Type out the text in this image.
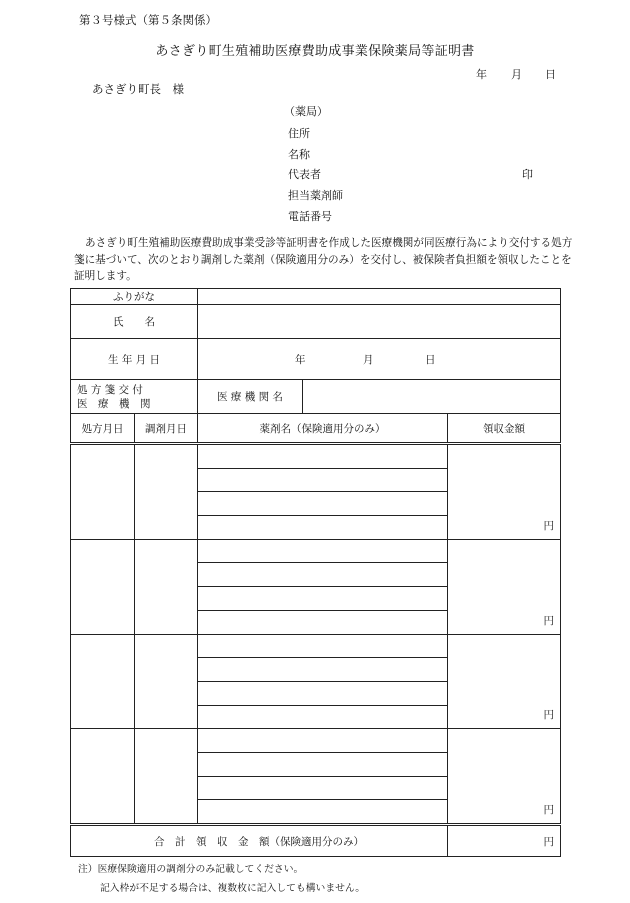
第３号様式（第５条関係）
あさぎり町生殖補助医療費助成事業保険薬局等証明書
年 月 日
あさぎり町長　様
（薬局）
住所
名称
代表者	印
担当薬剤師
電話番号
あさぎり町生殖補助医療費助成事業受診等証明書を作成した医療機関が同医療行為により交付する処方箋に基づいて、次のとおり調剤した薬剤（保険適用分のみ）を交付し、被保険者負担額を領収したことを証明します。
ふりがな				
氏　　名				
生 年 月 日		年 月 日		

処 方 箋 交 付
医　療　機　関		医 療 機 関 名		
処方月日	調剤月日	薬剤名（保険適用分のみ）		領収金額
			円

			円

			円

			円

合　計　領　収　金　額（保険適用分のみ）	円
注）医療保険適用の調剤分のみ記載してください。
記入枠が不足する場合は、複数枚に記入しても構いません。
